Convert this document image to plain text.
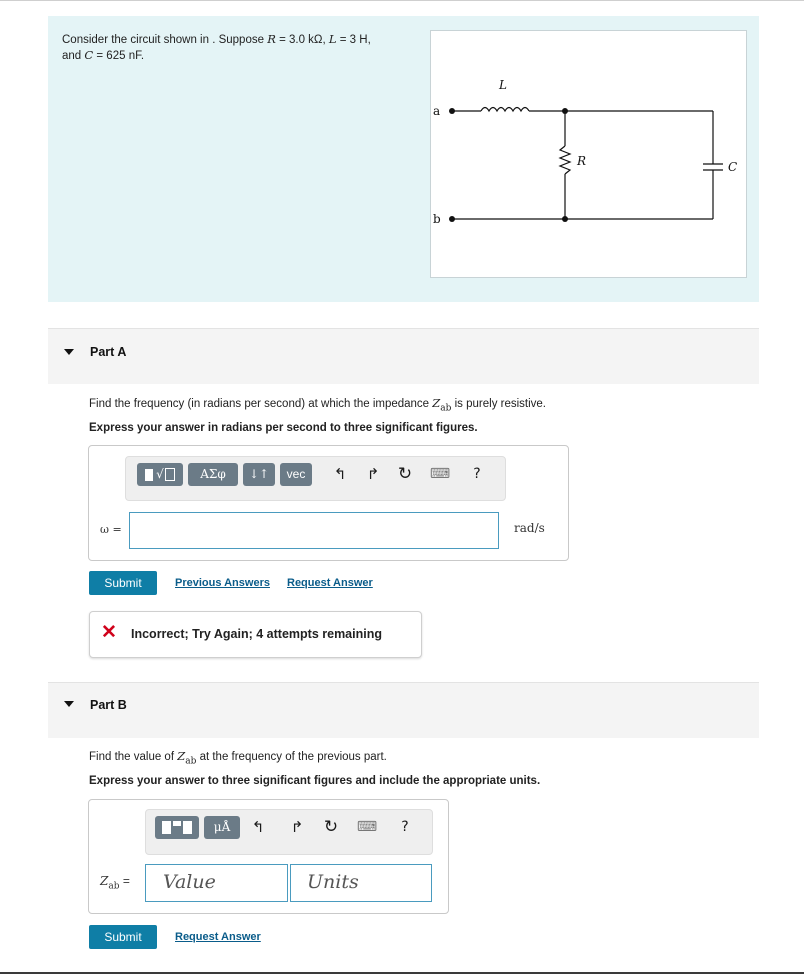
Consider the circuit shown in . Suppose R = 3.0 kΩ, L = 3 H,
and C = 625 nF.
L
R	C
a
b
Part A
Find the frequency (in radians per second) at which the impedance $Z_{ab}$ is purely resistive.
Express your answer in radians per second to three significant figures.
√	ΑΣφ	↓↑	vec	↰	↱ ↻ ⌨	?
ω =	rad/s
Submit	Previous Answers Request Answer
✕ Incorrect; Try Again; 4 attempts remaining
Part B
Find the value of $Z_{ab}$ at the frequency of the previous part.
Express your answer to three significant figures and include the appropriate units.
μÅ	↰	↱ ↻ ⌨	?
$Z_{ab}$ = Value	Units
Submit	Request Answer
